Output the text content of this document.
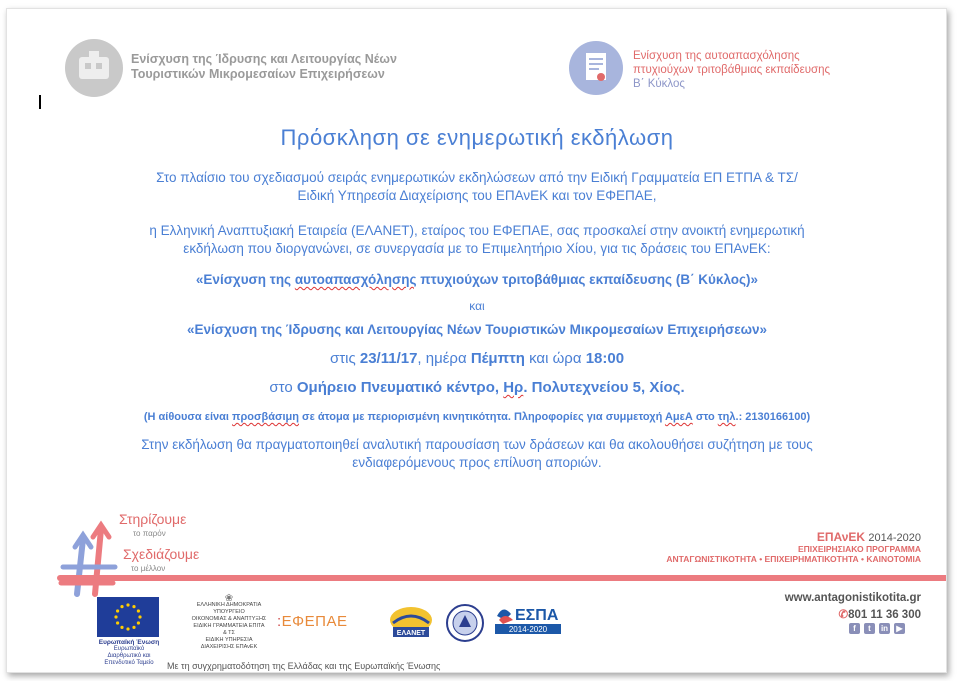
Ενίσχυση της Ίδρυσης και Λειτουργίας Νέων
Τουριστικών Μικρομεσαίων Επιχειρήσεων
Ενίσχυση της αυτοαπασχόλησης
πτυχιούχων τριτοβάθμιας εκπαίδευσης
Β΄ Κύκλος
Πρόσκληση σε ενημερωτική εκδήλωση
Στο πλαίσιο του σχεδιασμού σειράς ενημερωτικών εκδηλώσεων από την Ειδική Γραμματεία ΕΠ ΕΤΠΑ & ΤΣ/
Ειδική Υπηρεσία Διαχείρισης του ΕΠΑνΕΚ και τον ΕΦΕΠΑΕ,
η Ελληνική Αναπτυξιακή Εταιρεία (ΕΛΑΝΕΤ), εταίρος του ΕΦΕΠΑΕ, σας προσκαλεί στην ανοικτή ενημερωτική
εκδήλωση που διοργανώνει, σε συνεργασία με το Επιμελητήριο Χίου, για τις δράσεις του ΕΠΑνΕΚ:
«Ενίσχυση της αυτοαπασχόλησης πτυχιούχων τριτοβάθμιας εκπαίδευσης (Β΄ Κύκλος)»
και
«Ενίσχυση της Ίδρυσης και Λειτουργίας Νέων Τουριστικών Μικρομεσαίων Επιχειρήσεων»
στις 23/11/17, ημέρα Πέμπτη και ώρα 18:00
στο Ομήρειο Πνευματικό κέντρο, Ηρ. Πολυτεχνείου 5, Χίος.
(Η αίθουσα είναι προσβάσιμη σε άτομα με περιορισμένη κινητικότητα. Πληροφορίες για συμμετοχή ΑμεΑ στο τηλ.: 2130166100)
Στην εκδήλωση θα πραγματοποιηθεί αναλυτική παρουσίαση των δράσεων και θα ακολουθήσει συζήτηση με τους
ενδιαφερόμενους προς επίλυση αποριών.
Στηρίζουμε
το παρόν
Σχεδιάζουμε
το μέλλον
ΕΠΑνΕΚ 2014-2020
ΕΠΙΧΕΙΡΗΣΙΑΚΟ ΠΡΟΓΡΑΜΜΑ
ΑΝΤΑΓΩΝΙΣΤΙΚΟΤΗΤΑ • ΕΠΙΧΕΙΡΗΜΑΤΙΚΟΤΗΤΑ • ΚΑΙΝΟΤΟΜΙΑ
www.antagonistikotita.gr
✆801 11 36 300
f	t	in	▶
Ευρωπαϊκή Ένωση
Ευρωπαϊκό Διαρθρωτικό και Επενδυτικό Ταμείο
❀
ΕΛΛΗΝΙΚΗ ΔΗΜΟΚΡΑΤΙΑ
ΥΠΟΥΡΓΕΙΟ
ΟΙΚΟΝΟΜΙΑΣ & ΑΝΑΠΤΥΞΗΣ
ΕΙΔΙΚΗ ΓΡΑΜΜΑΤΕΙΑ ΕΠΙΤΑ & ΤΣ
ΕΙΔΙΚΗ ΥΠΗΡΕΣΙΑ ΔΙΑΧΕΙΡΙΣΗΣ ΕΠΑνΕΚ
:ΕΦΕΠΑΕ
ΕΛΑΝΕΤ
ΕΣΠΑ
2014-2020
Με τη συγχρηματοδότηση της Ελλάδας και της Ευρωπαϊκής Ένωσης
